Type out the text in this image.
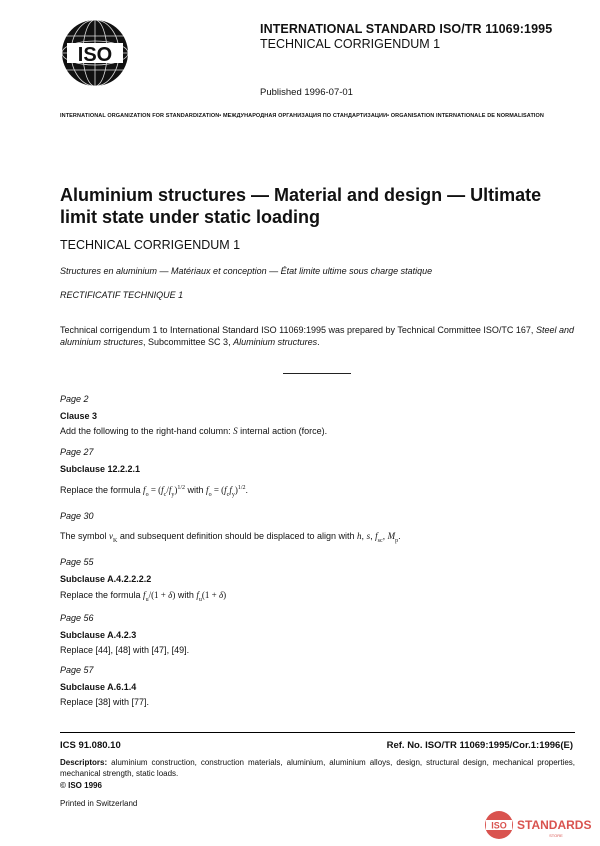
ISO
INTERNATIONAL STANDARD ISO/TR 11069:1995
TECHNICAL CORRIGENDUM 1
Published 1996-07-01
INTERNATIONAL ORGANIZATION FOR STANDARDIZATION• МЕЖДУНАРОДНАЯ ОРГАНИЗАЦИЯ ПО СТАНДАРТИЗАЦИИ• ORGANISATION INTERNATIONALE DE NORMALISATION
Aluminium structures — Material and design — Ultimate limit state under static loading
TECHNICAL CORRIGENDUM 1
Structures en aluminium — Matériaux et conception — État limite ultime sous charge statique
RECTIFICATIF TECHNIQUE 1
Technical corrigendum 1 to International Standard ISO 11069:1995 was prepared by Technical Committee ISO/TC 167, Steel and aluminium structures, Subcommittee SC 3, Aluminium structures.
Page 2
Clause 3
Add the following to the right-hand column: S internal action (force).
Page 27
Subclause 12.2.2.1
Replace the formula $f_o = (f_c/f_y)^{1/2}$ with $f_o = (f_cf_y)^{1/2}$.
Page 30
The symbol $\nu_K$ and subsequent definition should be displaced to align with h, s, $f_{sc}$, $M_p$.
Page 55
Subclause A.4.2.2.2.2
Replace the formula $f_u/(1 + \delta)$ with $f_u(1 + \delta)$
Page 56
Subclause A.4.2.3
Replace [44], [48] with [47], [49].
Page 57
Subclause A.6.1.4
Replace [38] with [77].
ICS 91.080.10	Ref. No. ISO/TR 11069:1995/Cor.1:1996(E)
Descriptors: aluminium construction, construction materials, aluminium, aluminium alloys, design, structural design, mechanical properties, mechanical strength, static loads.
© ISO 1996
Printed in Switzerland
ISO STANDARDS
STORE
